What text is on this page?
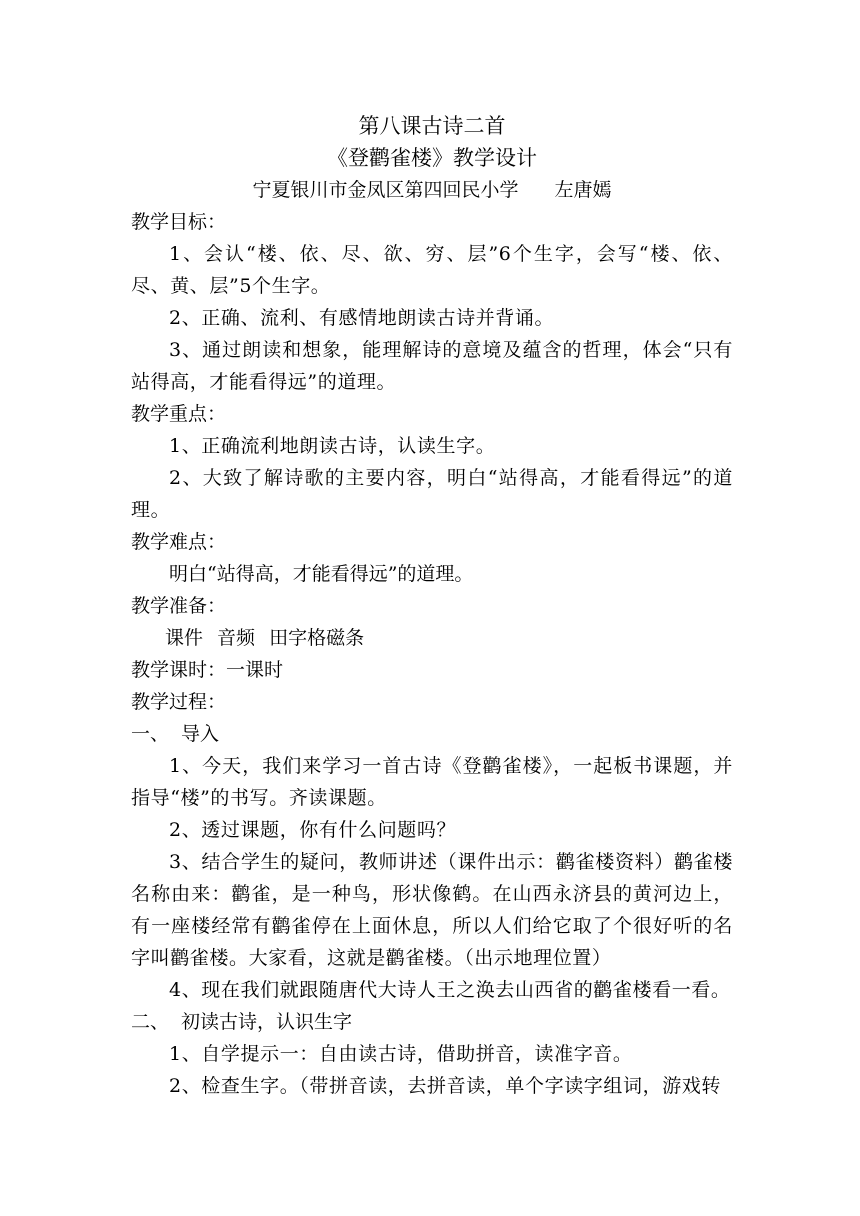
第八课古诗二首
《登鹳雀楼》教学设计
宁夏银川市金凤区第四回民小学 左唐嫣
教学目标：
1、会认“楼、依、尽、欲、穷、层”6个生字，会写“楼、依、尽、黄、层”5个生字。
2、正确、流利、有感情地朗读古诗并背诵。
3、通过朗读和想象，能理解诗的意境及蕴含的哲理，体会“只有站得高，才能看得远”的道理。
教学重点：
1、正确流利地朗读古诗，认读生字。
2、大致了解诗歌的主要内容，明白“站得高，才能看得远”的道理。
教学难点：
明白“站得高，才能看得远”的道理。
教学准备：
课件 音频 田字格磁条
教学课时：一课时
教学过程：
一、 导入
1、今天，我们来学习一首古诗《登鹳雀楼》，一起板书课题，并指导“楼”的书写。齐读课题。
2、透过课题，你有什么问题吗？
3、结合学生的疑问，教师讲述（课件出示：鹳雀楼资料）鹳雀楼名称由来：鹳雀，是一种鸟，形状像鹤。在山西永济县的黄河边上，有一座楼经常有鹳雀停在上面休息，所以人们给它取了个很好听的名字叫鹳雀楼。大家看，这就是鹳雀楼。（出示地理位置）
4、现在我们就跟随唐代大诗人王之涣去山西省的鹳雀楼看一看。
二、 初读古诗，认识生字
1、自学提示一：自由读古诗，借助拼音，读准字音。
2、检查生字。（带拼音读，去拼音读，单个字读字组词，游戏转
